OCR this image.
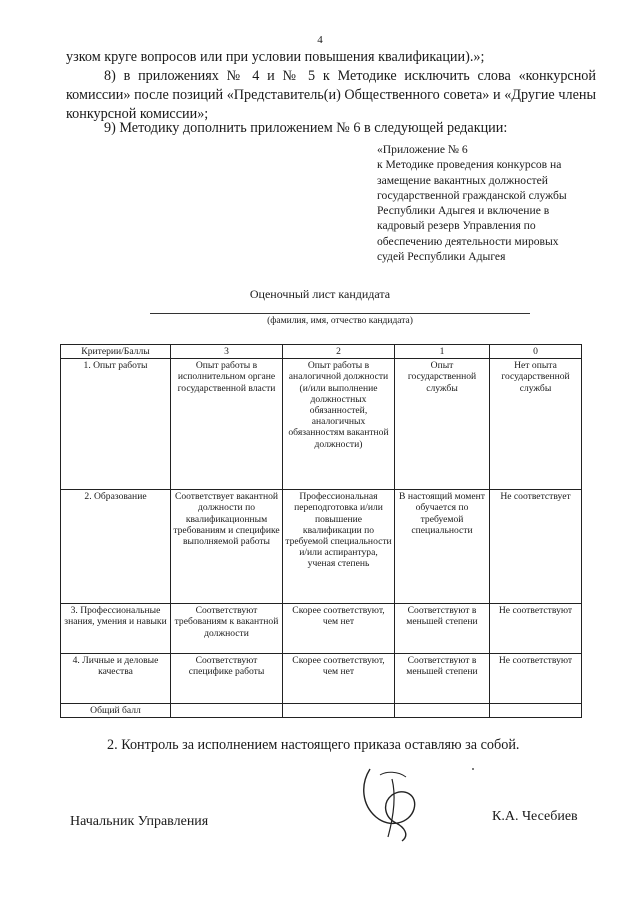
4
узком круге вопросов или при условии повышения квалификации).»;
8) в приложениях № 4 и № 5 к Методике исключить слова «конкурсной комиссии» после позиций «Представитель(и) Общественного совета» и «Другие члены конкурсной комиссии»;
9) Методику дополнить приложением № 6 в следующей редакции:
«Приложение № 6
к Методике проведения конкурсов на
замещение вакантных должностей
государственной гражданской службы
Республики Адыгея и включение в
кадровый резерв Управления по
обеспечению деятельности мировых
судей Республики Адыгея
Оценочный лист кандидата
(фамилия, имя, отчество кандидата)
Критерии/Баллы	3	2	1	0
1. Опыт работы	Опыт работы в исполнительном органе государственной власти	Опыт работы в аналогичной должности (и/или выполнение должностных обязанностей, аналогичных обязанностям вакантной должности)	Опыт государственной службы	Нет опыта государственной службы
2. Образование	Соответствует вакантной должности по квалификационным требованиям и специфике выполняемой работы	Профессиональная переподготовка и/или повышение квалификации по требуемой специальности и/или аспирантура, ученая степень	В настоящий момент обучается по требуемой специальности	Не соответствует
3. Профессиональные знания, умения и навыки	Соответствуют требованиям к вакантной должности	Скорее соответствуют, чем нет	Соответствуют в меньшей степени	Не соответствуют
4. Личные и деловые качества	Соответствуют специфике работы	Скорее соответствуют, чем нет	Соответствуют в меньшей степени	Не соответствуют
Общий балл				
2. Контроль за исполнением настоящего приказа оставляю за собой.
Начальник Управления	К.А. Чесебиев
